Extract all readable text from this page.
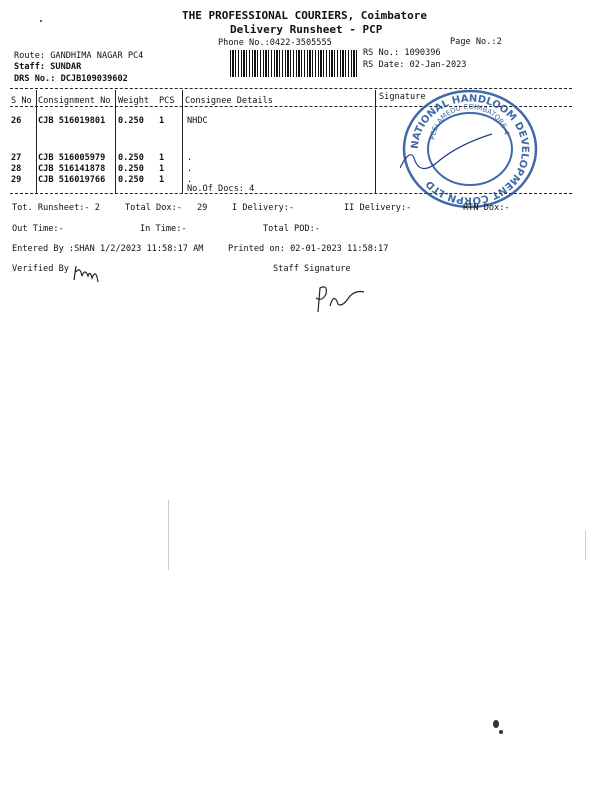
THE PROFESSIONAL COURIERS, Coimbatore
Delivery Runsheet - PCP
Phone No.:0422-3505555	Page No.:2
Route: GANDHIMA NAGAR PC4
Staff: SUNDAR
DRS No.: DCJB109039602
RS No.: 1090396
RS Date: 02-Jan-2023
S No Consignment No Weight PCS Consignee Details	Signature
26 CJB 516019801 0.250 1	NHDC
27 CJB 516005979 0.250 1	.
28 CJB 516141878 0.250 1	.
29 CJB 516019766 0.250 1	.
No.Of Docs: 4
NATIONAL HANDLOOM DEVELOPMENT CORPN.LTD
PEELAMEDU COIMBATORE-4
Tot. Runsheet:- 2	Total Dox:- 29	I Delivery:-	II Delivery:-	RTN Dox:-
Out Time:-	In Time:-	Total POD:-
Entered By :SHAN 1/2/2023 11:58:17 AM	Printed on: 02-01-2023 11:58:17
Verified By	Staff Signature
